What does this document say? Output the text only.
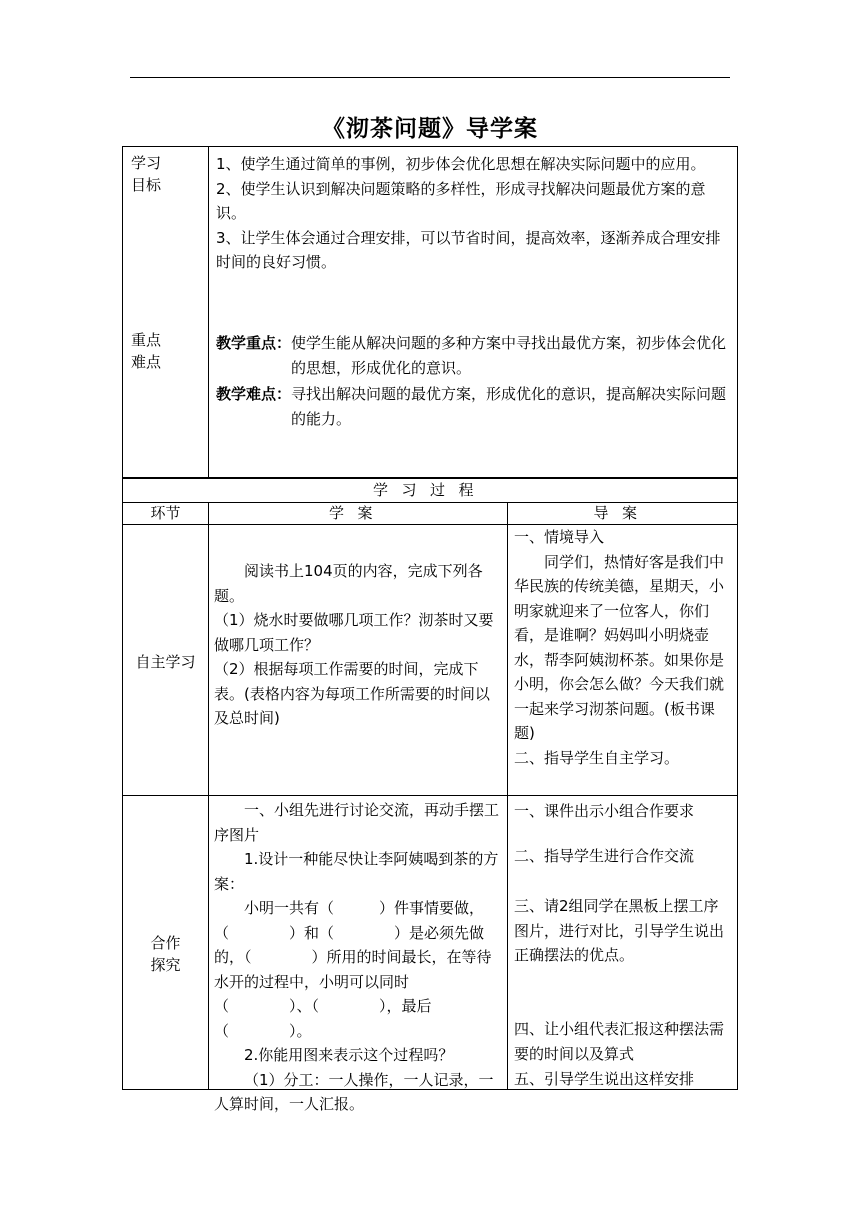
《沏茶问题》导学案
学习
目标

1、使学生通过简单的事例，初步体会优化思想在解决实际问题中的应用。

2、使学生认识到解决问题策略的多样性，形成寻找解决问题最优方案的意识。

3、让学生体会通过合理安排，可以节省时间，提高效率，逐渐养成合理安排时间的良好习惯。

重点
难点
教学重点： 使学生能从解决问题的多种方案中寻找出最优方案，初步体会优化的思想，形成优化的意识。
教学难点： 寻找出解决问题的最优方案，形成优化的意识，提高解决实际问题的能力。
学习过程
环节	学案	导案
自主学习

阅读书上104页的内容，完成下列各题。

（1）烧水时要做哪几项工作？沏茶时又要做哪几项工作？

（2）根据每项工作需要的时间，完成下表。(表格内容为每项工作所需要的时间以及总时间)

一、情境导入

同学们，热情好客是我们中华民族的传统美德，星期天，小明家就迎来了一位客人，你们看，是谁啊？妈妈叫小明烧壶水，帮李阿姨沏杯茶。如果你是小明，你会怎么做？今天我们就一起来学习沏茶问题。(板书课题)

二、指导学生自主学习。

合作
探究

一、小组先进行讨论交流，再动手摆工序图片

1.设计一种能尽快让李阿姨喝到茶的方案：

小明一共有（　　　）件事情要做，（　　　　）和（　　　　）是必须先做的，（　　　　）所用的时间最长，在等待水开的过程中，小明可以同时（　　　　）、（　　　　），最后（　　　　）。

2.你能用图来表示这个过程吗？

（1）分工：一人操作，一人记录，一人算时间，一人汇报。

一、课件出示小组合作要求
二、指导学生进行合作交流
三、请2组同学在黑板上摆工序图片，进行对比，引导学生说出正确摆法的优点。
四、让小组代表汇报这种摆法需要的时间以及算式
五、引导学生说出这样安排
